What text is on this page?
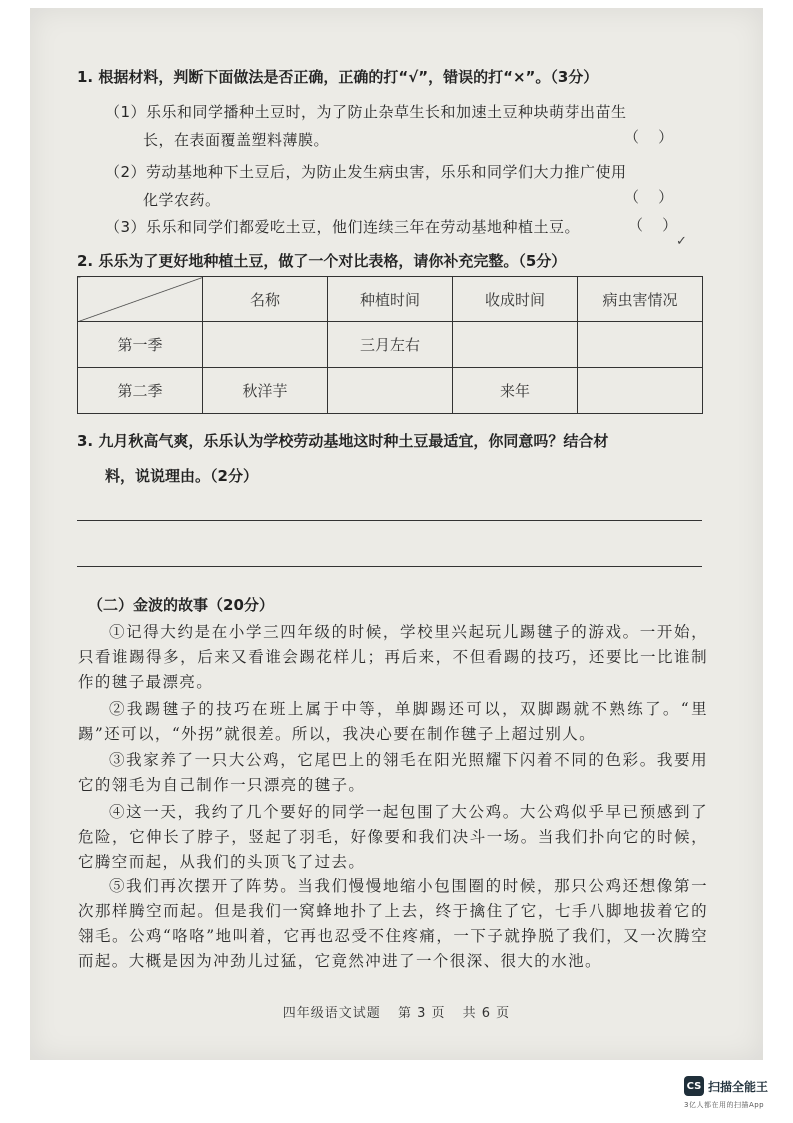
1. 根据材料，判断下面做法是否正确，正确的打“√”，错误的打“×”。（3分）
（1）乐乐和同学播种土豆时，为了防止杂草生长和加速土豆种块萌芽出苗生
长，在表面覆盖塑料薄膜。	（    ）
（2）劳动基地种下土豆后，为防止发生病虫害，乐乐和同学们大力推广使用
化学农药。	（    ）
（3）乐乐和同学们都爱吃土豆，他们连续三年在劳动基地种植土豆。	（    ）
✓
2. 乐乐为了更好地种植土豆，做了一个对比表格，请你补充完整。（5分）
	名称	种植时间	收成时间	病虫害情况
第一季		三月左右		
第二季	秋洋芋		来年	
3. 九月秋高气爽，乐乐认为学校劳动基地这时种土豆最适宜，你同意吗？结合材
料，说说理由。（2分）
（二）金波的故事（20分）

①记得大约是在小学三四年级的时候，学校里兴起玩儿踢毽子的游戏。一开始，只看谁踢得多，后来又看谁会踢花样儿；再后来，不但看踢的技巧，还要比一比谁制作的毽子最漂亮。

②我踢毽子的技巧在班上属于中等，单脚踢还可以，双脚踢就不熟练了。“里踢”还可以，“外拐”就很差。所以，我决心要在制作毽子上超过别人。

③我家养了一只大公鸡，它尾巴上的翎毛在阳光照耀下闪着不同的色彩。我要用它的翎毛为自己制作一只漂亮的毽子。

④这一天，我约了几个要好的同学一起包围了大公鸡。大公鸡似乎早已预感到了危险，它伸长了脖子，竖起了羽毛，好像要和我们决斗一场。当我们扑向它的时候，它腾空而起，从我们的头顶飞了过去。

⑤我们再次摆开了阵势。当我们慢慢地缩小包围圈的时候，那只公鸡还想像第一次那样腾空而起。但是我们一窝蜂地扑了上去，终于擒住了它，七手八脚地拔着它的翎毛。公鸡“咯咯”地叫着，它再也忍受不住疼痛，一下子就挣脱了我们，又一次腾空而起。大概是因为冲劲儿过猛，它竟然冲进了一个很深、很大的水池。

四年级语文试题 第 3 页 共 6 页
CS 扫描全能王
3亿人都在用的扫描App
